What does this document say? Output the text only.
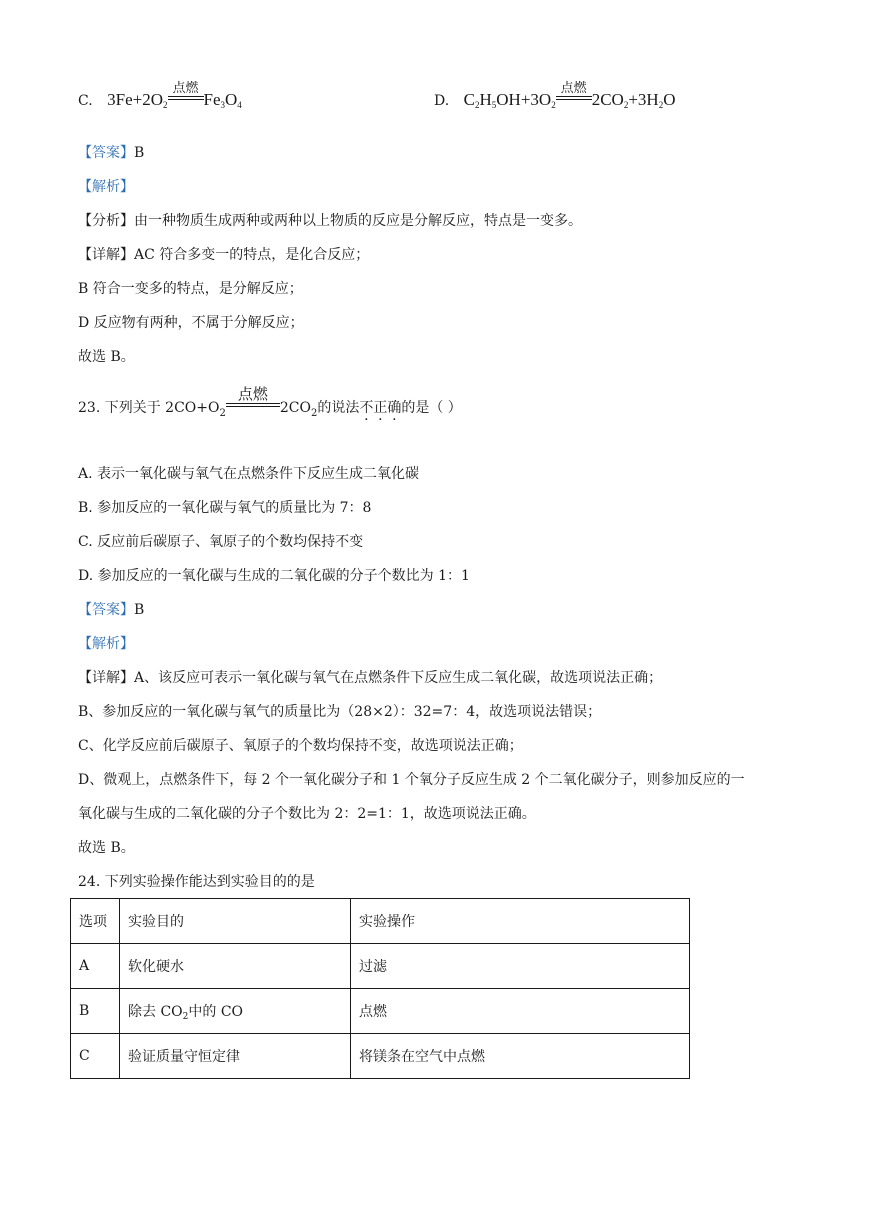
C. $3Fe+2O_2$
点燃
$Fe_3O_4$	D. $C_2H_5OH+3O_2$
点燃
$2CO_2+3H_2O$
【答案】B
【解析】
【分析】由一种物质生成两种或两种以上物质的反应是分解反应，特点是一变多。
【详解】AC 符合多变一的特点，是化合反应；
B 符合一变多的特点，是分解反应；
D 反应物有两种，不属于分解反应；
故选 B。
23. 下列关于 $2CO+O_2$
点燃
$2CO_2$的说法不正确的是（ ）
A. 表示一氧化碳与氧气在点燃条件下反应生成二氧化碳
B. 参加反应的一氧化碳与氧气的质量比为 7：8
C. 反应前后碳原子、氧原子的个数均保持不变
D. 参加反应的一氧化碳与生成的二氧化碳的分子个数比为 1：1
【答案】B
【解析】
【详解】A、该反应可表示一氧化碳与氧气在点燃条件下反应生成二氧化碳，故选项说法正确；
B、参加反应的一氧化碳与氧气的质量比为（28×2）：32=7：4，故选项说法错误；
C、化学反应前后碳原子、氧原子的个数均保持不变，故选项说法正确；
D、微观上，点燃条件下，每 2 个一氧化碳分子和 1 个氧分子反应生成 2 个二氧化碳分子，则参加反应的一
氧化碳与生成的二氧化碳的分子个数比为 2：2=1：1，故选项说法正确。
故选 B。
24. 下列实验操作能达到实验目的的是
选项	实验目的	实验操作
A	软化硬水	过滤
B	除去 $CO_2$中的 CO	点燃
C	验证质量守恒定律	将镁条在空气中点燃
